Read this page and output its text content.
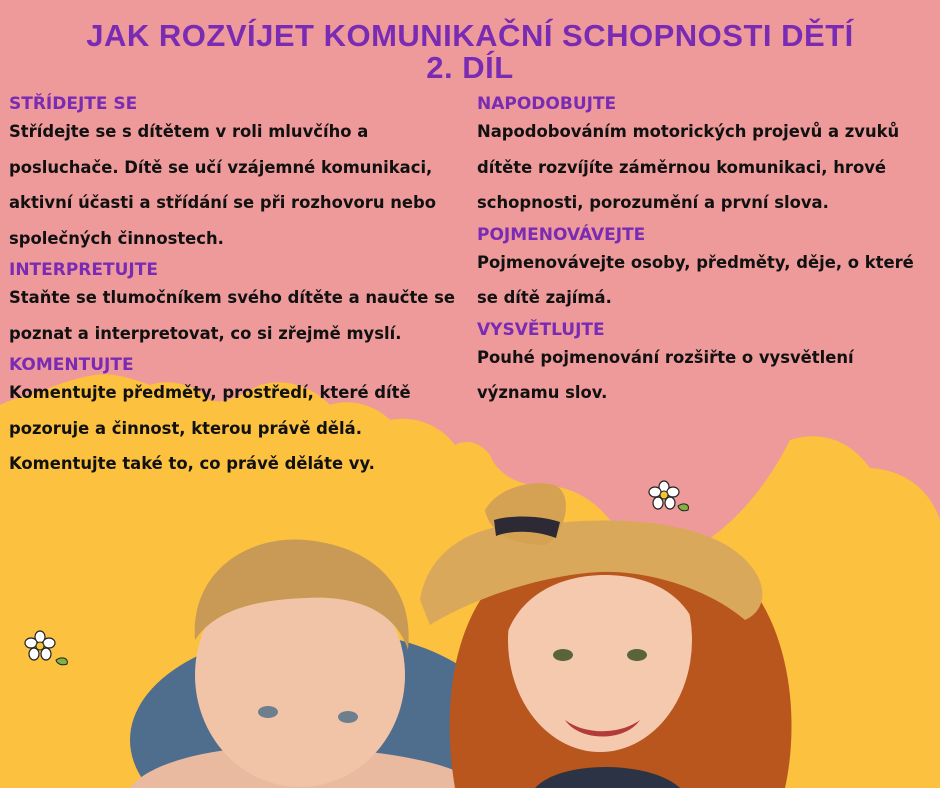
JAK ROZVÍJET KOMUNIKAČNÍ SCHOPNOSTI DĚTÍ
2. DÍL
STŘÍDEJTE SE
Střídejte se s dítětem v roli mluvčího a posluchače. Dítě se učí vzájemné komunikaci, aktivní účasti a střídání se při rozhovoru nebo společných činnostech.
INTERPRETUJTE
Staňte se tlumočníkem svého dítěte a naučte se poznat a interpretovat, co si zřejmě myslí.
KOMENTUJTE
Komentujte předměty, prostředí, které dítě pozoruje a činnost, kterou právě dělá. Komentujte také to, co právě děláte vy.
NAPODOBUJTE
Napodobováním motorických projevů a zvuků dítěte rozvíjíte záměrnou komunikaci, hrové schopnosti, porozumění a první slova.
POJMENOVÁVEJTE
Pojmenovávejte osoby, předměty, děje, o které se dítě zajímá.
VYSVĚTLUJTE
Pouhé pojmenování rozšiřte o vysvětlení významu slov.
